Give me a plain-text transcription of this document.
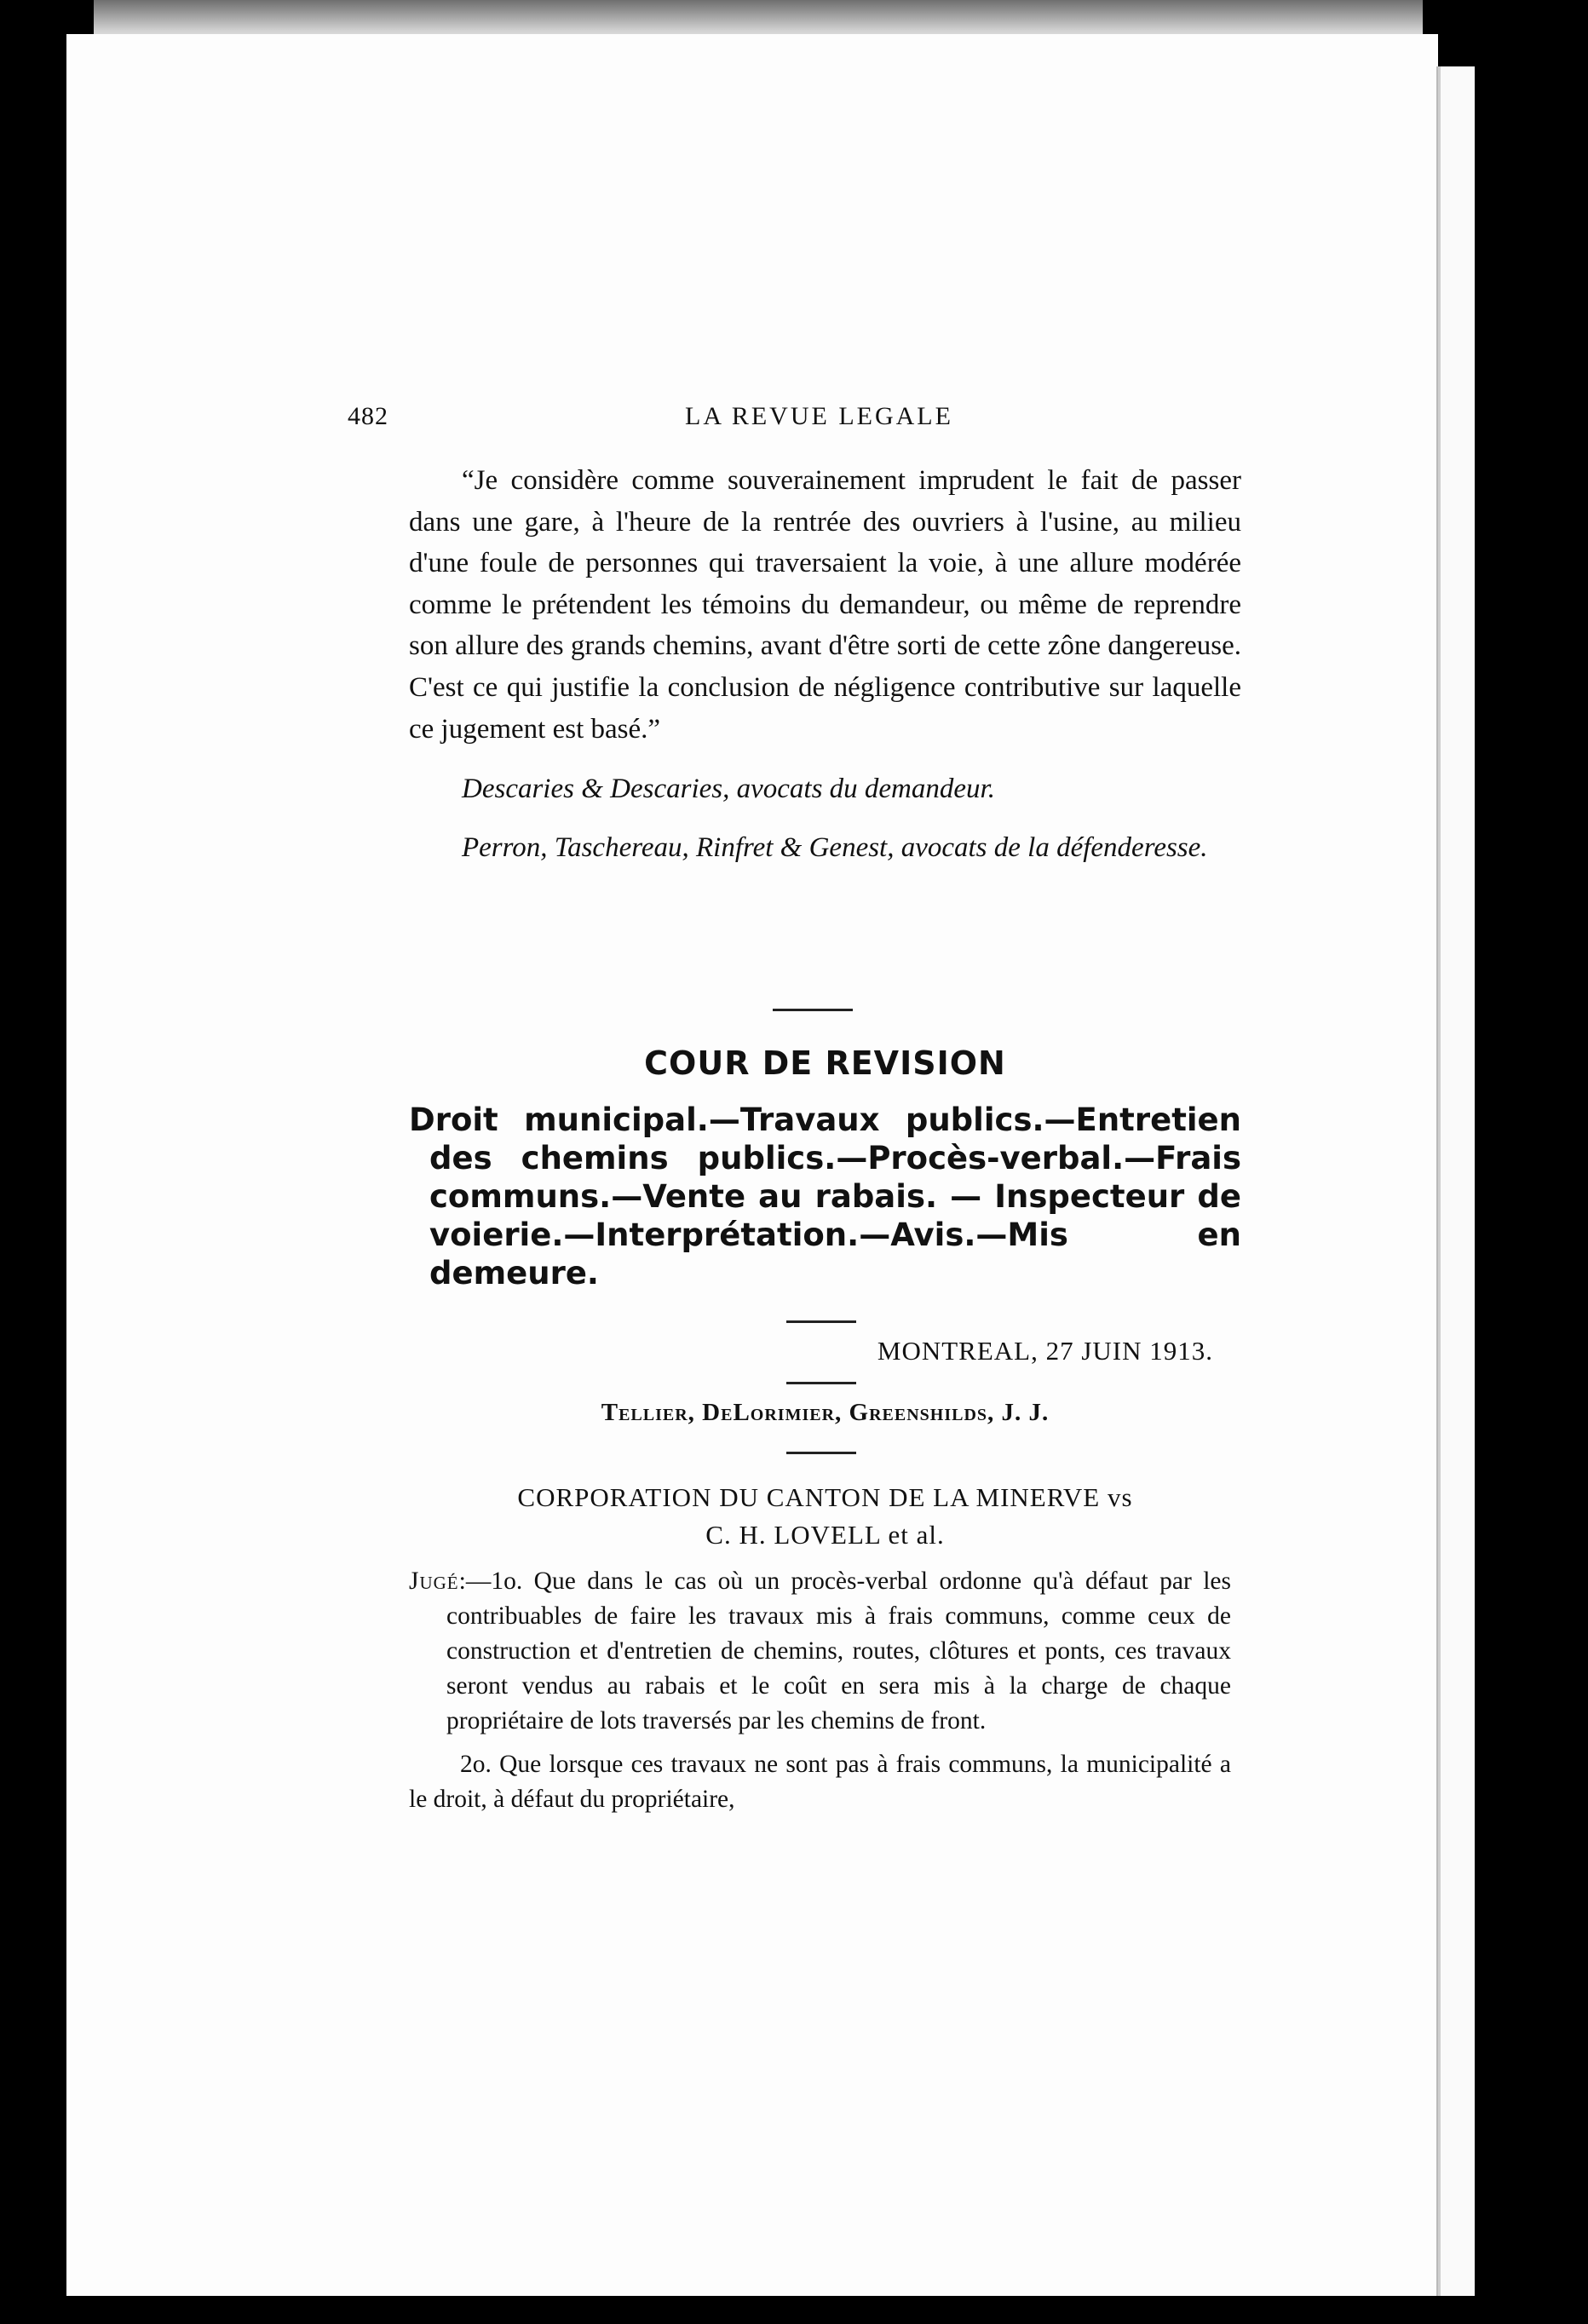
482	LA REVUE LEGALE

“Je considère comme souverainement imprudent le fait de passer dans une gare, à l'heure de la rentrée des ouvriers à l'usine, au milieu d'une foule de personnes qui traversaient la voie, à une allure modérée comme le prétendent les témoins du demandeur, ou même de reprendre son allure des grands chemins, avant d'être sorti de cette zône dangereuse. C'est ce qui justifie la conclusion de négligence contributive sur laquelle ce jugement est basé.”

Descaries & Descaries, avocats du demandeur.

Perron, Taschereau, Rinfret & Genest, avocats de la défenderesse.

COUR DE REVISION

Droit municipal.—Travaux publics.—Entretien des chemins publics.—Procès-verbal.—Frais communs.—Vente au rabais. — Inspecteur de voierie.—Interprétation.—Avis.—Mis en demeure.

MONTREAL, 27 JUIN 1913.
Tellier, DeLorimier, Greenshilds, J. J.
CORPORATION DU CANTON DE LA MINERVE vs
C. H. LOVELL et al.

Jugé:—1o. Que dans le cas où un procès-verbal ordonne qu'à défaut par les contribuables de faire les travaux mis à frais communs, comme ceux de construction et d'entretien de chemins, routes, clôtures et ponts, ces travaux seront vendus au rabais et le coût en sera mis à la charge de chaque propriétaire de lots traversés par les chemins de front.

2o. Que lorsque ces travaux ne sont pas à frais communs, la municipalité a le droit, à défaut du propriétaire,
